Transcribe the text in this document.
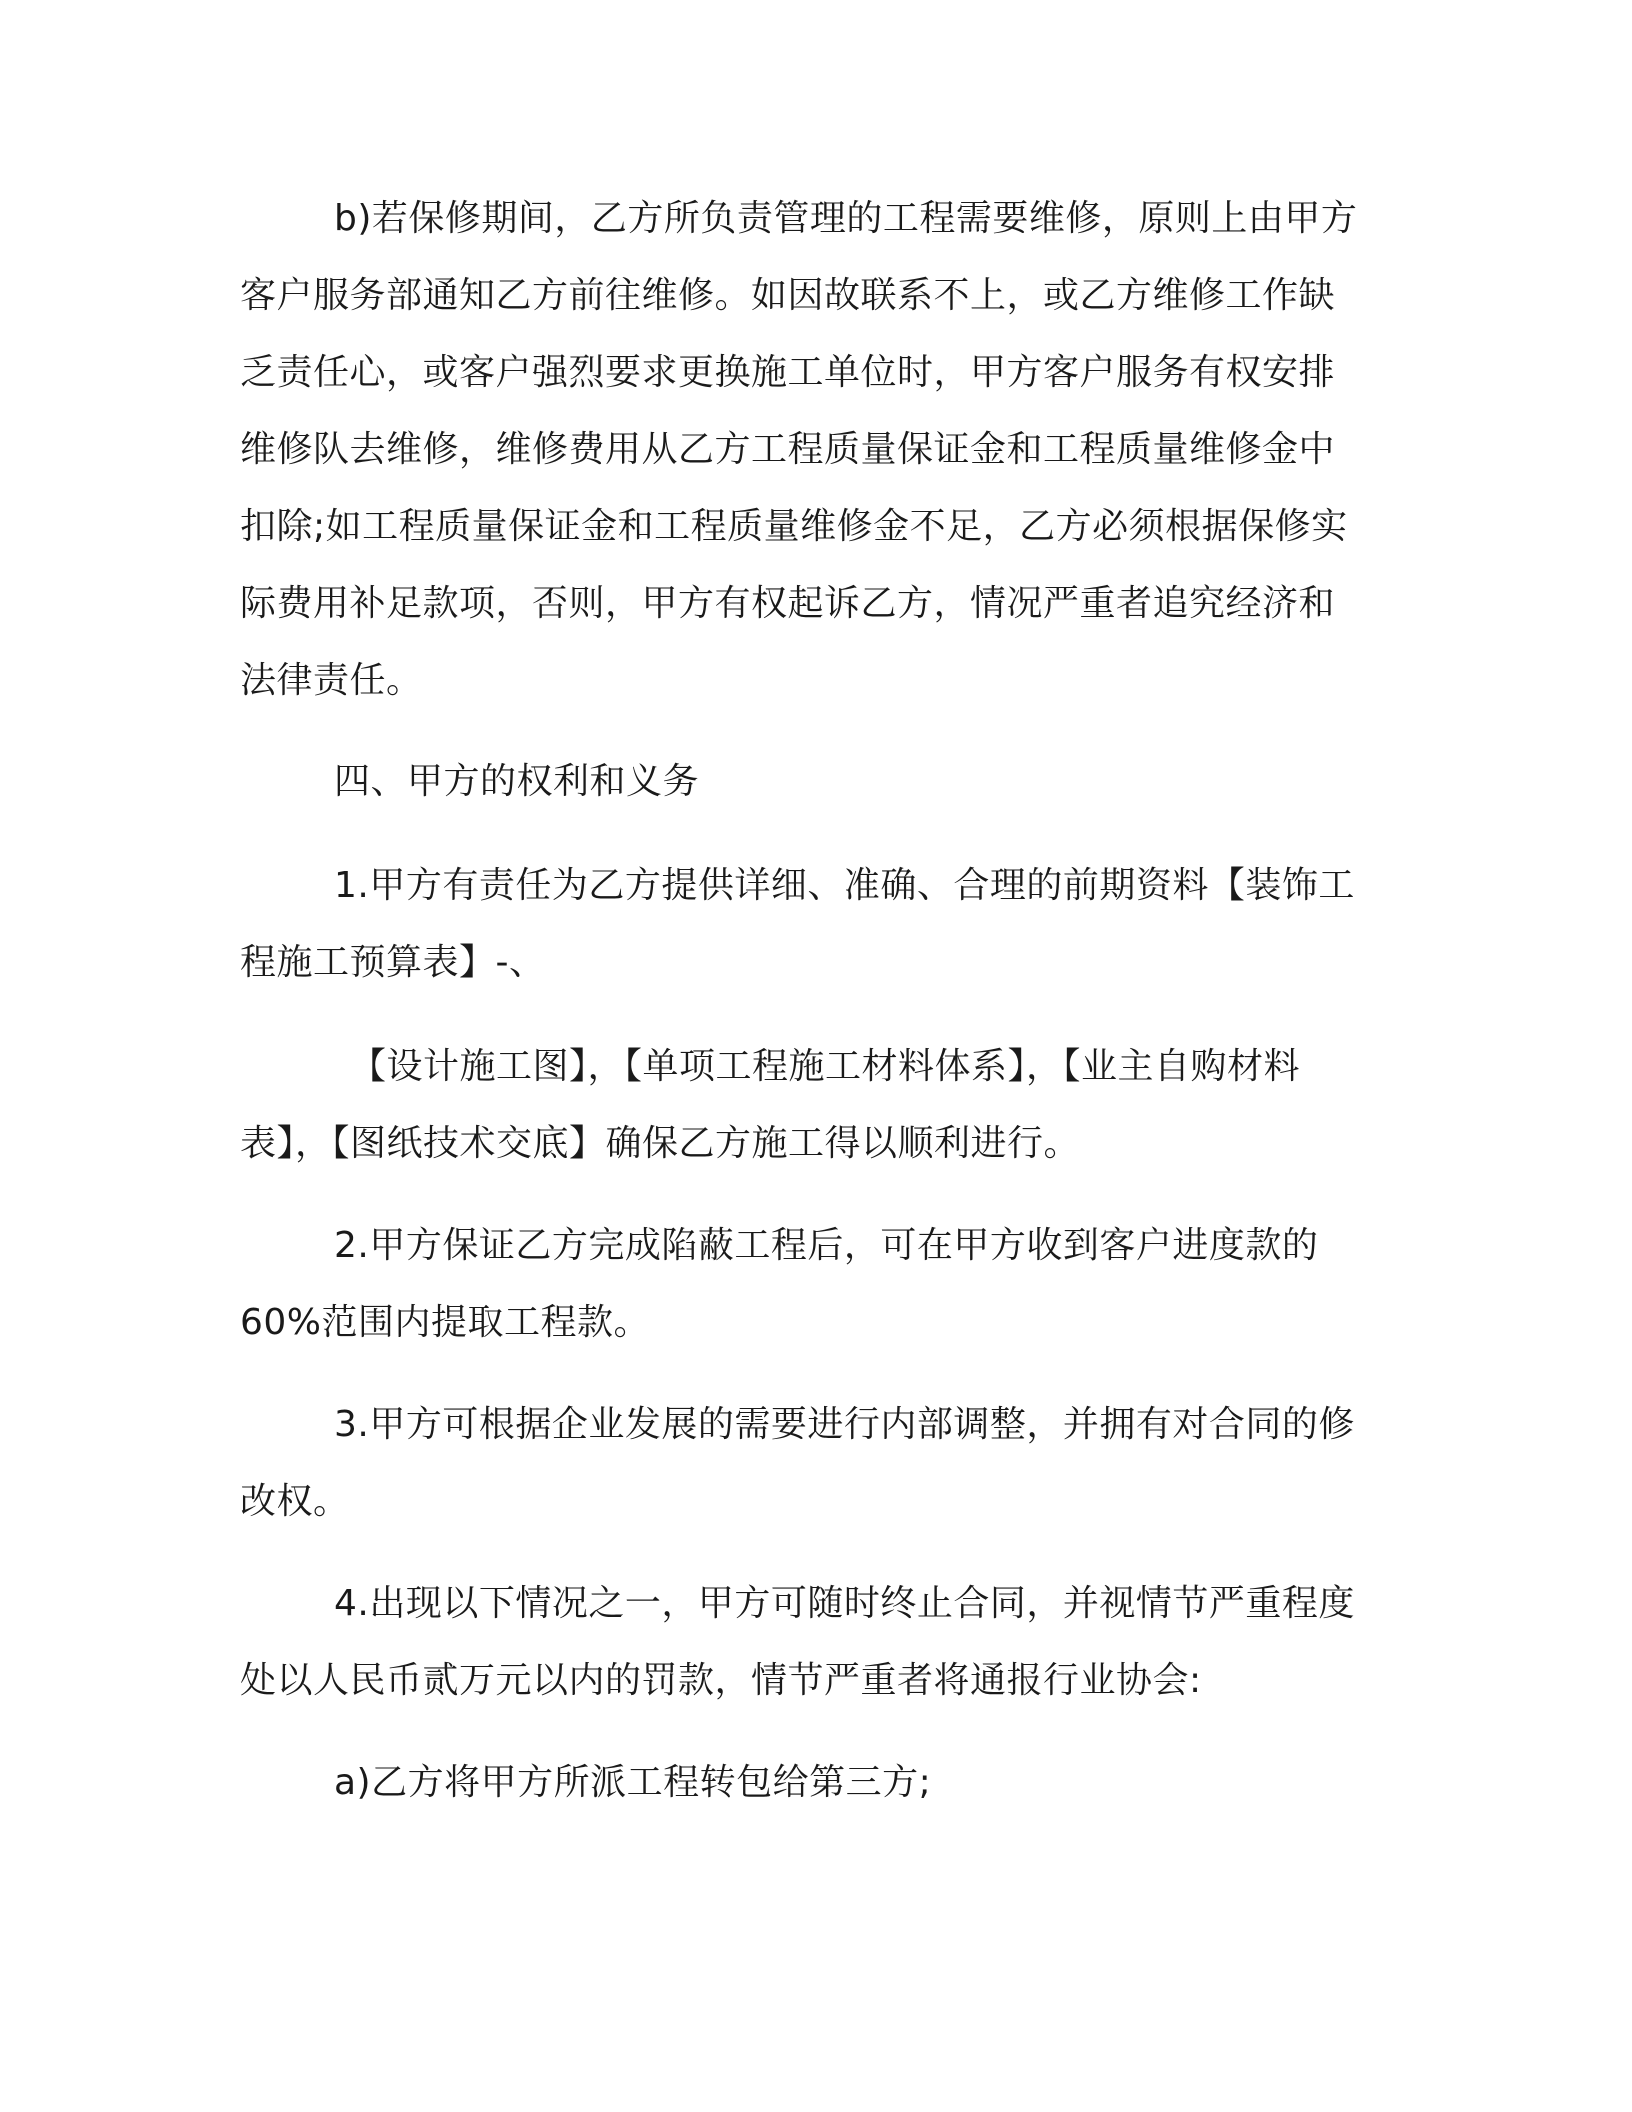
b)若保修期间，乙方所负责管理的工程需要维修，原则上由甲方
客户服务部通知乙方前往维修。如因故联系不上，或乙方维修工作缺
乏责任心，或客户强烈要求更换施工单位时，甲方客户服务有权安排
维修队去维修，维修费用从乙方工程质量保证金和工程质量维修金中
扣除;如工程质量保证金和工程质量维修金不足，乙方必须根据保修实
际费用补足款项，否则，甲方有权起诉乙方，情况严重者追究经济和
法律责任。
四、甲方的权利和义务
1.甲方有责任为乙方提供详细、准确、合理的前期资料【装饰工
程施工预算表】-、
【设计施工图】，【单项工程施工材料体系】，【业主自购材料
表】，【图纸技术交底】确保乙方施工得以顺利进行。
2.甲方保证乙方完成陷蔽工程后，可在甲方收到客户进度款的
60%范围内提取工程款。
3.甲方可根据企业发展的需要进行内部调整，并拥有对合同的修
改权。
4.出现以下情况之一，甲方可随时终止合同，并视情节严重程度
处以人民币贰万元以内的罚款，情节严重者将通报行业协会:
a)乙方将甲方所派工程转包给第三方;
